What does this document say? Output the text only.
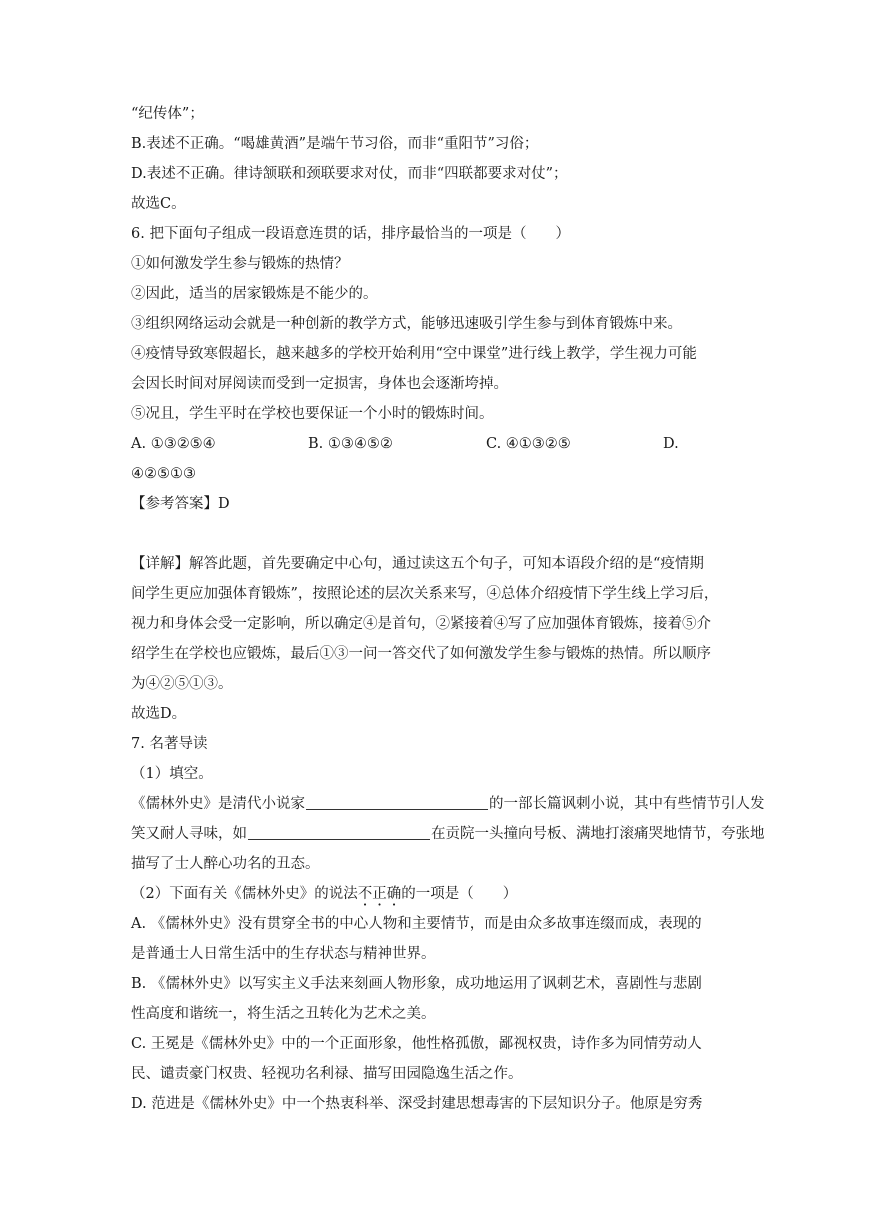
“纪传体”；
B.表述不正确。“喝雄黄酒”是端午节习俗，而非“重阳节”习俗；
D.表述不正确。律诗颔联和颈联要求对仗，而非“四联都要求对仗”；
故选C。
6. 把下面句子组成一段语意连贯的话，排序最恰当的一项是（　　）
①如何激发学生参与锻炼的热情？
②因此，适当的居家锻炼是不能少的。
③组织网络运动会就是一种创新的教学方式，能够迅速吸引学生参与到体育锻炼中来。
④疫情导致寒假超长，越来越多的学校开始利用“空中课堂”进行线上教学，学生视力可能
会因长时间对屏阅读而受到一定损害，身体也会逐渐垮掉。
⑤况且，学生平时在学校也要保证一个小时的锻炼时间。
A. ①③②⑤④	B. ①③④⑤②	C. ④①③②⑤	D.
④②⑤①③
【参考答案】D
【详解】解答此题，首先要确定中心句，通过读这五个句子，可知本语段介绍的是“疫情期
间学生更应加强体育锻炼”，按照论述的层次关系来写，④总体介绍疫情下学生线上学习后，
视力和身体会受一定影响，所以确定④是首句，②紧接着④写了应加强体育锻炼，接着⑤介
绍学生在学校也应锻炼，最后①③一问一答交代了如何激发学生参与锻炼的热情。所以顺序
为④②⑤①③。
故选D。
7. 名著导读
（1）填空。
《儒林外史》是清代小说家	的一部长篇讽刺小说，其中有些情节引人发
笑又耐人寻味，如	在贡院一头撞向号板、满地打滚痛哭地情节，夸张地
描写了士人醉心功名的丑态。
（2）下面有关《儒林外史》的说法不正确的一项是（　　）
A. 《儒林外史》没有贯穿全书的中心人物和主要情节，而是由众多故事连缀而成，表现的
是普通士人日常生活中的生存状态与精神世界。
B. 《儒林外史》以写实主义手法来刻画人物形象，成功地运用了讽刺艺术，喜剧性与悲剧
性高度和谐统一，将生活之丑转化为艺术之美。
C. 王冕是《儒林外史》中的一个正面形象，他性格孤傲，鄙视权贵，诗作多为同情劳动人
民、谴责豪门权贵、轻视功名利禄、描写田园隐逸生活之作。
D. 范进是《儒林外史》中一个热衷科举、深受封建思想毒害的下层知识分子。他原是穷秀
